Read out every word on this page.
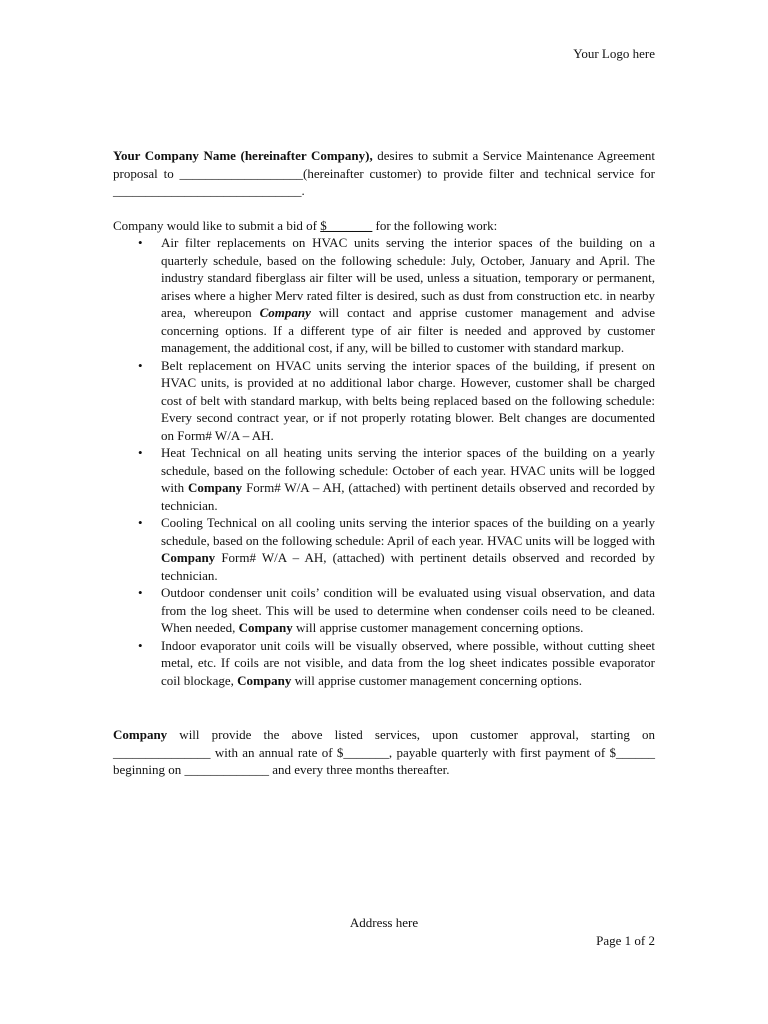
Your Logo here

Your Company Name (hereinafter Company), desires to submit a Service Maintenance Agreement proposal to ___________________(hereinafter customer) to provide filter and technical service for _____________________________.

Company would like to submit a bid of $_______ for the following work:

• Air filter replacements on HVAC units serving the interior spaces of the building on a quarterly schedule, based on the following schedule: July, October, January and April. The industry standard fiberglass air filter will be used, unless a situation, temporary or permanent, arises where a higher Merv rated filter is desired, such as dust from construction etc. in nearby area, whereupon Company will contact and apprise customer management and advise concerning options. If a different type of air filter is needed and approved by customer management, the additional cost, if any, will be billed to customer with standard markup.
• Belt replacement on HVAC units serving the interior spaces of the building, if present on HVAC units, is provided at no additional labor charge. However, customer shall be charged cost of belt with standard markup, with belts being replaced based on the following schedule: Every second contract year, or if not properly rotating blower. Belt changes are documented on Form# W/A – AH.
• Heat Technical on all heating units serving the interior spaces of the building on a yearly schedule, based on the following schedule: October of each year. HVAC units will be logged with Company Form# W/A – AH, (attached) with pertinent details observed and recorded by technician.
• Cooling Technical on all cooling units serving the interior spaces of the building on a yearly schedule, based on the following schedule: April of each year. HVAC units will be logged with Company Form# W/A – AH, (attached) with pertinent details observed and recorded by technician.
• Outdoor condenser unit coils’ condition will be evaluated using visual observation, and data from the log sheet. This will be used to determine when condenser coils need to be cleaned. When needed, Company will apprise customer management concerning options.
• Indoor evaporator unit coils will be visually observed, where possible, without cutting sheet metal, etc. If coils are not visible, and data from the log sheet indicates possible evaporator coil blockage, Company will apprise customer management concerning options.

Company will provide the above listed services, upon customer approval, starting on _______________ with an annual rate of $_______, payable quarterly with first payment of $______ beginning on _____________ and every three months thereafter.

Address here
Page 1 of 2
